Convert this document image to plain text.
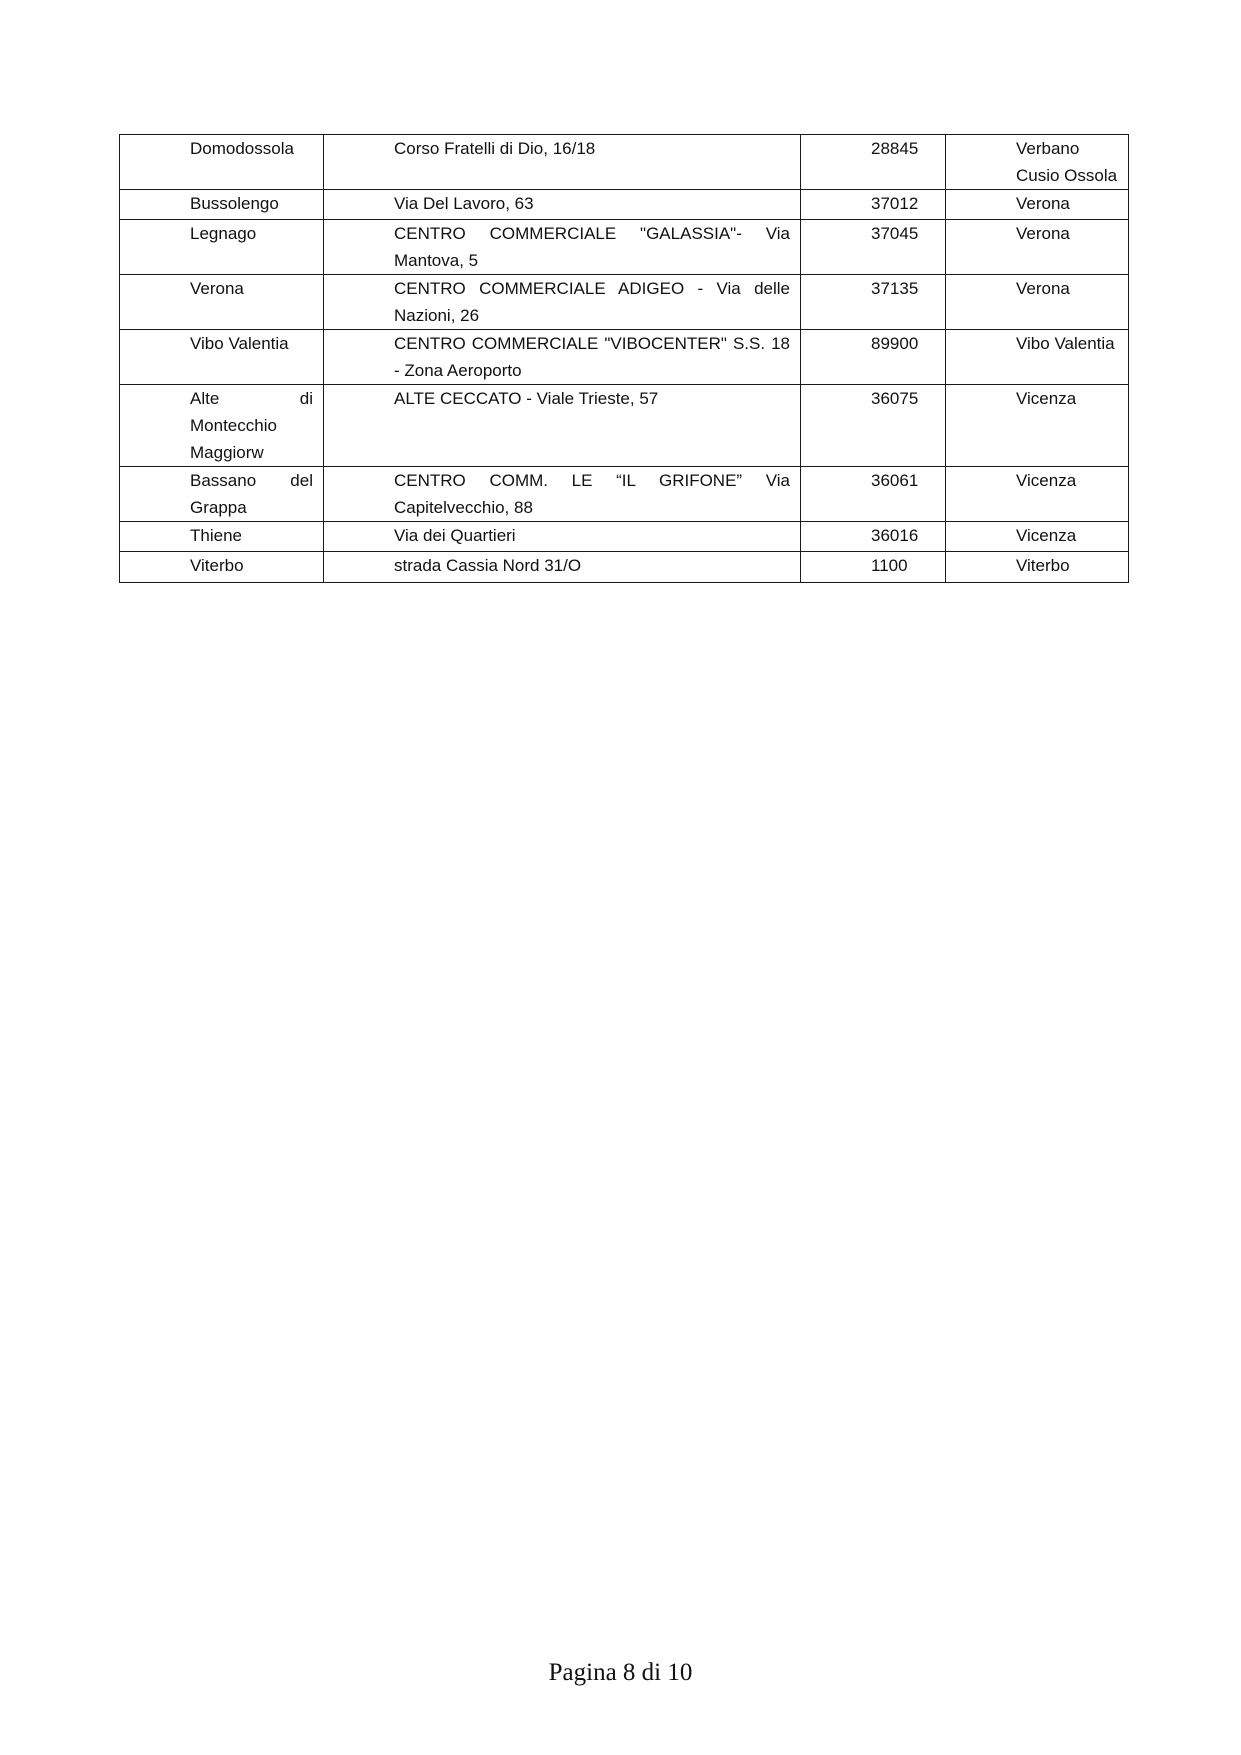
Domodossola	Corso Fratelli di Dio, 16/18	28845	Verbano Cusio Ossola

Bussolengo	Via Del Lavoro, 63	37012	Verona

Legnago	CENTRO COMMERCIALE "GALASSIA"- Via Mantova, 5	37045	Verona

Verona	CENTRO COMMERCIALE ADIGEO - Via delle Nazioni, 26	37135	Verona

Vibo Valentia	CENTRO COMMERCIALE "VIBOCENTER" S.S. 18 - Zona Aeroporto	89900	Vibo Valentia

Alte di Montecchio Maggiorw	ALTE CECCATO - Viale Trieste, 57	36075	Vicenza

Bassano del Grappa	CENTRO COMM. LE “IL GRIFONE” Via Capitelvecchio, 88	36061	Vicenza

Thiene	Via dei Quartieri	36016	Vicenza

Viterbo	strada Cassia Nord 31/O	1100	Viterbo
Pagina 8 di 10
